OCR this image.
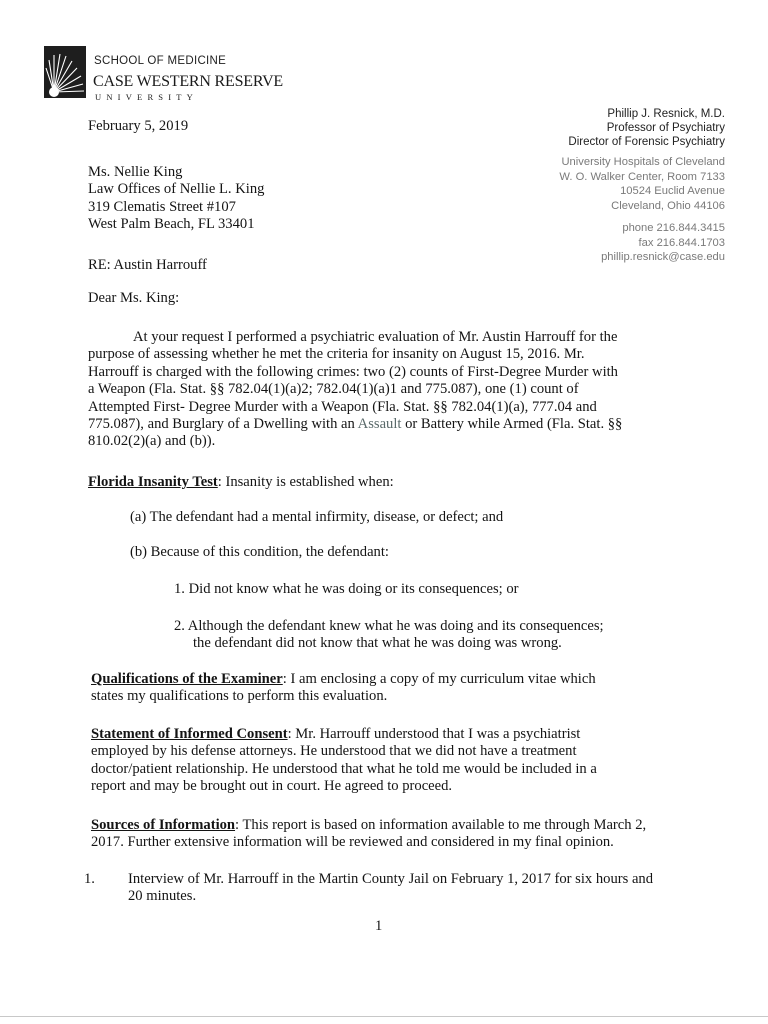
SCHOOL OF MEDICINE
CASE WESTERN RESERVE
UNIVERSITY
Phillip J. Resnick, M.D.
Professor of Psychiatry
Director of Forensic Psychiatry
University Hospitals of Cleveland
W. O. Walker Center, Room 7133
10524 Euclid Avenue
Cleveland, Ohio 44106
phone 216.844.3415
fax 216.844.1703
phillip.resnick@case.edu
February 5, 2019
Ms. Nellie King
Law Offices of Nellie L. King
319 Clematis Street #107
West Palm Beach, FL 33401
RE: Austin Harrouff
Dear Ms. King:
At your request I performed a psychiatric evaluation of Mr. Austin Harrouff for the
purpose of assessing whether he met the criteria for insanity on August 15, 2016. Mr.
Harrouff is charged with the following crimes: two (2) counts of First-Degree Murder with
a Weapon (Fla. Stat. §§ 782.04(1)(a)2; 782.04(1)(a)1 and 775.087), one (1) count of
Attempted First- Degree Murder with a Weapon (Fla. Stat. §§ 782.04(1)(a), 777.04 and
775.087), and Burglary of a Dwelling with an Assault or Battery while Armed (Fla. Stat. §§
810.02(2)(a) and (b)).
Florida Insanity Test: Insanity is established when:
(a) The defendant had a mental infirmity, disease, or defect; and
(b) Because of this condition, the defendant:
1. Did not know what he was doing or its consequences; or
2. Although the defendant knew what he was doing and its consequences;
the defendant did not know that what he was doing was wrong.
Qualifications of the Examiner: I am enclosing a copy of my curriculum vitae which
states my qualifications to perform this evaluation.
Statement of Informed Consent: Mr. Harrouff understood that I was a psychiatrist
employed by his defense attorneys. He understood that we did not have a treatment
doctor/patient relationship. He understood that what he told me would be included in a
report and may be brought out in court. He agreed to proceed.
Sources of Information: This report is based on information available to me through March 2,
2017. Further extensive information will be reviewed and considered in my final opinion.
1. Interview of Mr. Harrouff in the Martin County Jail on February 1, 2017 for six hours and
20 minutes.
1
